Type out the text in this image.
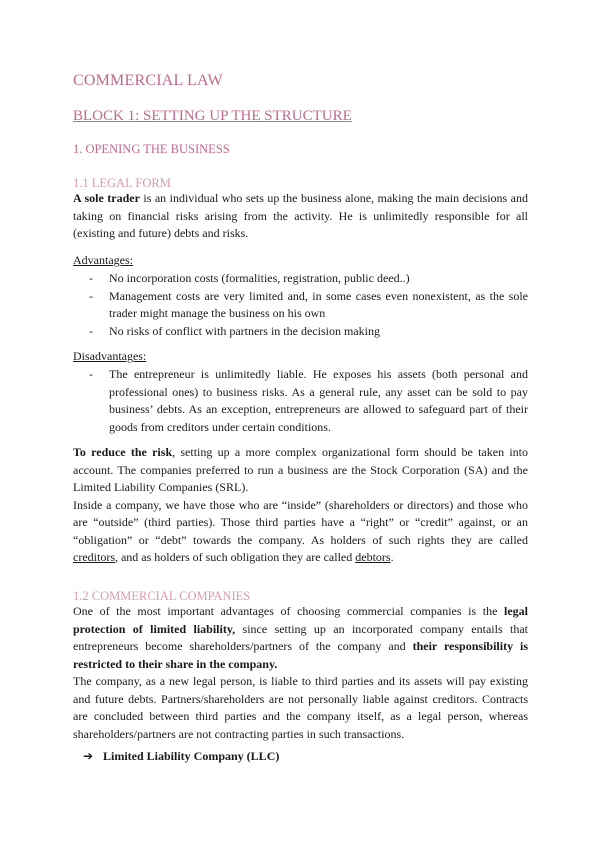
COMMERCIAL LAW
BLOCK 1: SETTING UP THE STRUCTURE
1. OPENING THE BUSINESS
1.1 LEGAL FORM

A sole trader is an individual who sets up the business alone, making the main decisions and taking on financial risks arising from the activity. He is unlimitedly responsible for all (existing and future) debts and risks.

Advantages:
- No incorporation costs (formalities, registration, public deed..)
- Management costs are very limited and, in some cases even nonexistent, as the sole trader might manage the business on his own
- No risks of conflict with partners in the decision making
Disadvantages:
- The entrepreneur is unlimitedly liable. He exposes his assets (both personal and professional ones) to business risks. As a general rule, any asset can be sold to pay business’ debts. As an exception, entrepreneurs are allowed to safeguard part of their goods from creditors under certain conditions.

To reduce the risk, setting up a more complex organizational form should be taken into account. The companies preferred to run a business are the Stock Corporation (SA) and the Limited Liability Companies (SRL).
Inside a company, we have those who are “inside” (shareholders or directors) and those who are “outside” (third parties). Those third parties have a “right” or “credit” against, or an “obligation” or “debt” towards the company. As holders of such rights they are called creditors, and as holders of such obligation they are called debtors.

1.2 COMMERCIAL COMPANIES

One of the most important advantages of choosing commercial companies is the legal protection of limited liability, since setting up an incorporated company entails that entrepreneurs become shareholders/partners of the company and their responsibility is restricted to their share in the company.
The company, as a new legal person, is liable to third parties and its assets will pay existing and future debts. Partners/shareholders are not personally liable against creditors. Contracts are concluded between third parties and the company itself, as a legal person, whereas shareholders/partners are not contracting parties in such transactions.

➔ Limited Liability Company (LLC)
